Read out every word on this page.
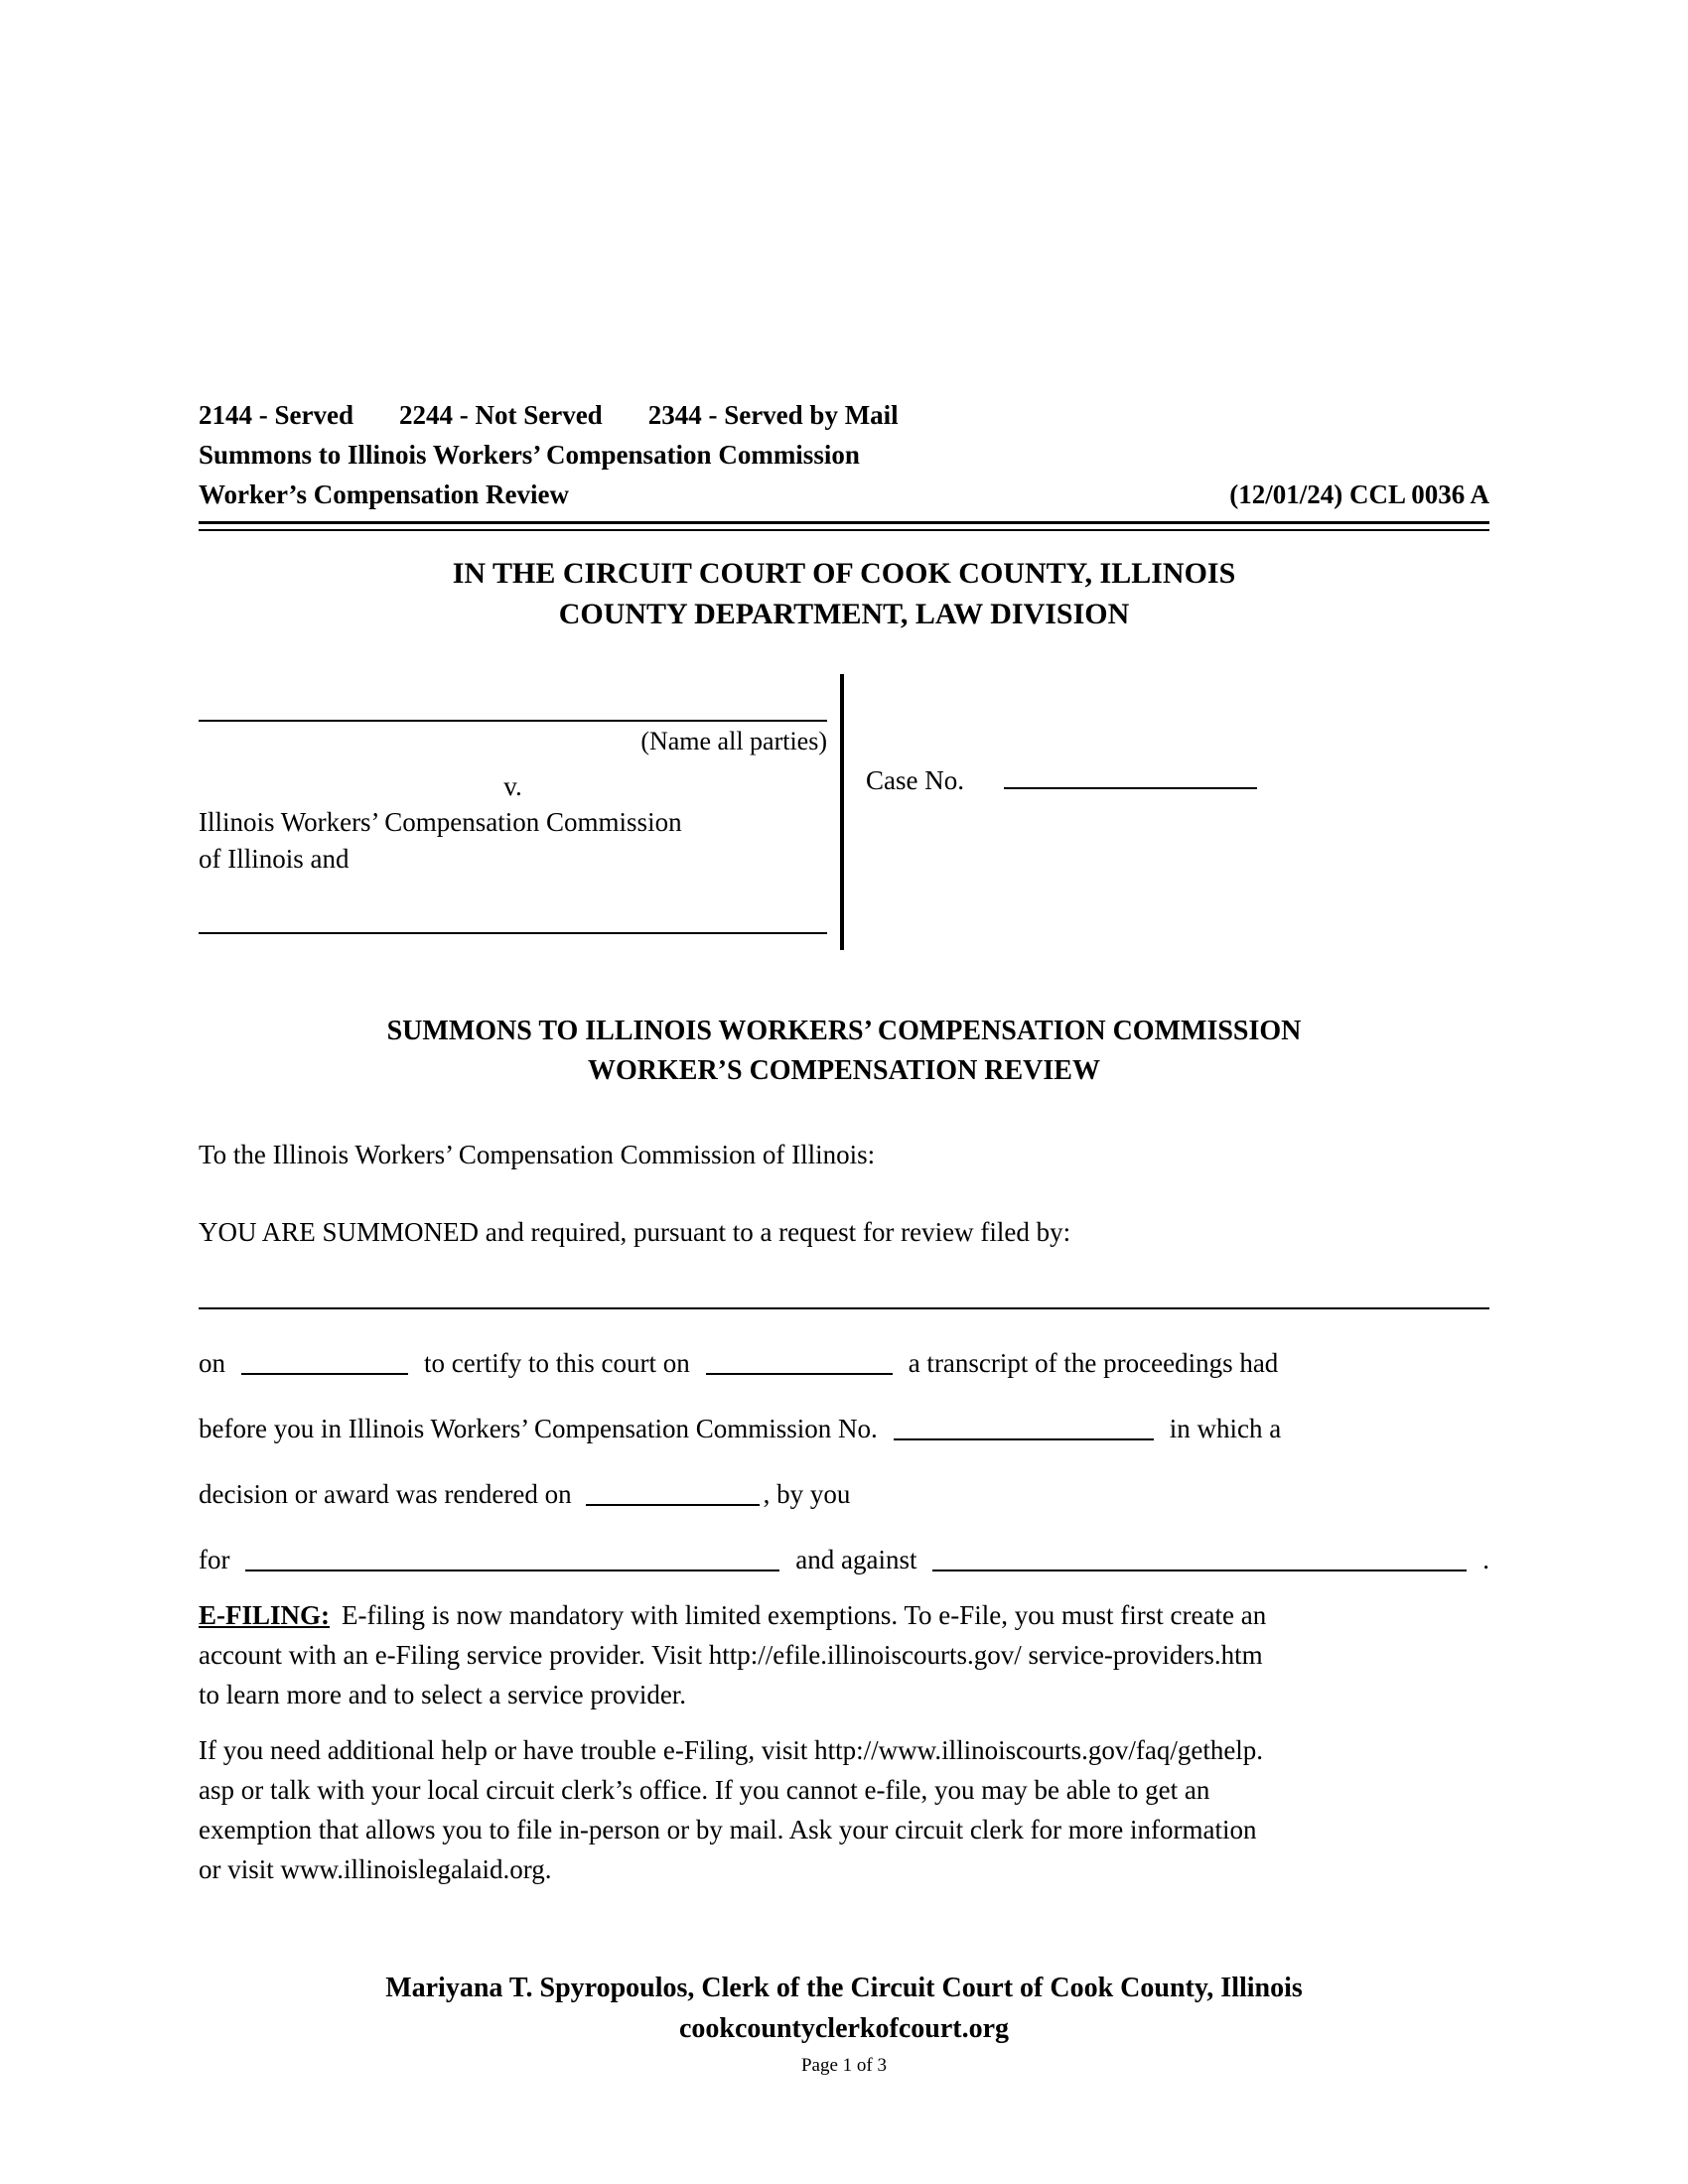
2144 - Served 2244 - Not Served 2344 - Served by Mail
Summons to Illinois Workers’ Compensation Commission
Worker’s Compensation Review	(12/01/24) CCL 0036 A
IN THE CIRCUIT COURT OF COOK COUNTY, ILLINOIS
COUNTY DEPARTMENT, LAW DIVISION
(Name all parties)
v.
Illinois Workers’ Compensation Commission
of Illinois and
Case No.
SUMMONS TO ILLINOIS WORKERS’ COMPENSATION COMMISSION
WORKER’S COMPENSATION REVIEW
To the Illinois Workers’ Compensation Commission of Illinois:
YOU ARE SUMMONED and required, pursuant to a request for review filed by:
on	to certify to this court on	a transcript of the proceedings had
before you in Illinois Workers’ Compensation Commission No.	in which a
decision or award was rendered on	, by you
for	and against	.
E-FILING: E-filing is now mandatory with limited exemptions. To e-File, you must first create an
account with an e-Filing service provider. Visit http://efile.illinoiscourts.gov/ service-providers.htm
to learn more and to select a service provider.
If you need additional help or have trouble e-Filing, visit http://www.illinoiscourts.gov/faq/gethelp.
asp or talk with your local circuit clerk’s office. If you cannot e-file, you may be able to get an
exemption that allows you to file in-person or by mail. Ask your circuit clerk for more information
or visit www.illinoislegalaid.org.
Mariyana T. Spyropoulos, Clerk of the Circuit Court of Cook County, Illinois
cookcountyclerkofcourt.org
Page 1 of 3
